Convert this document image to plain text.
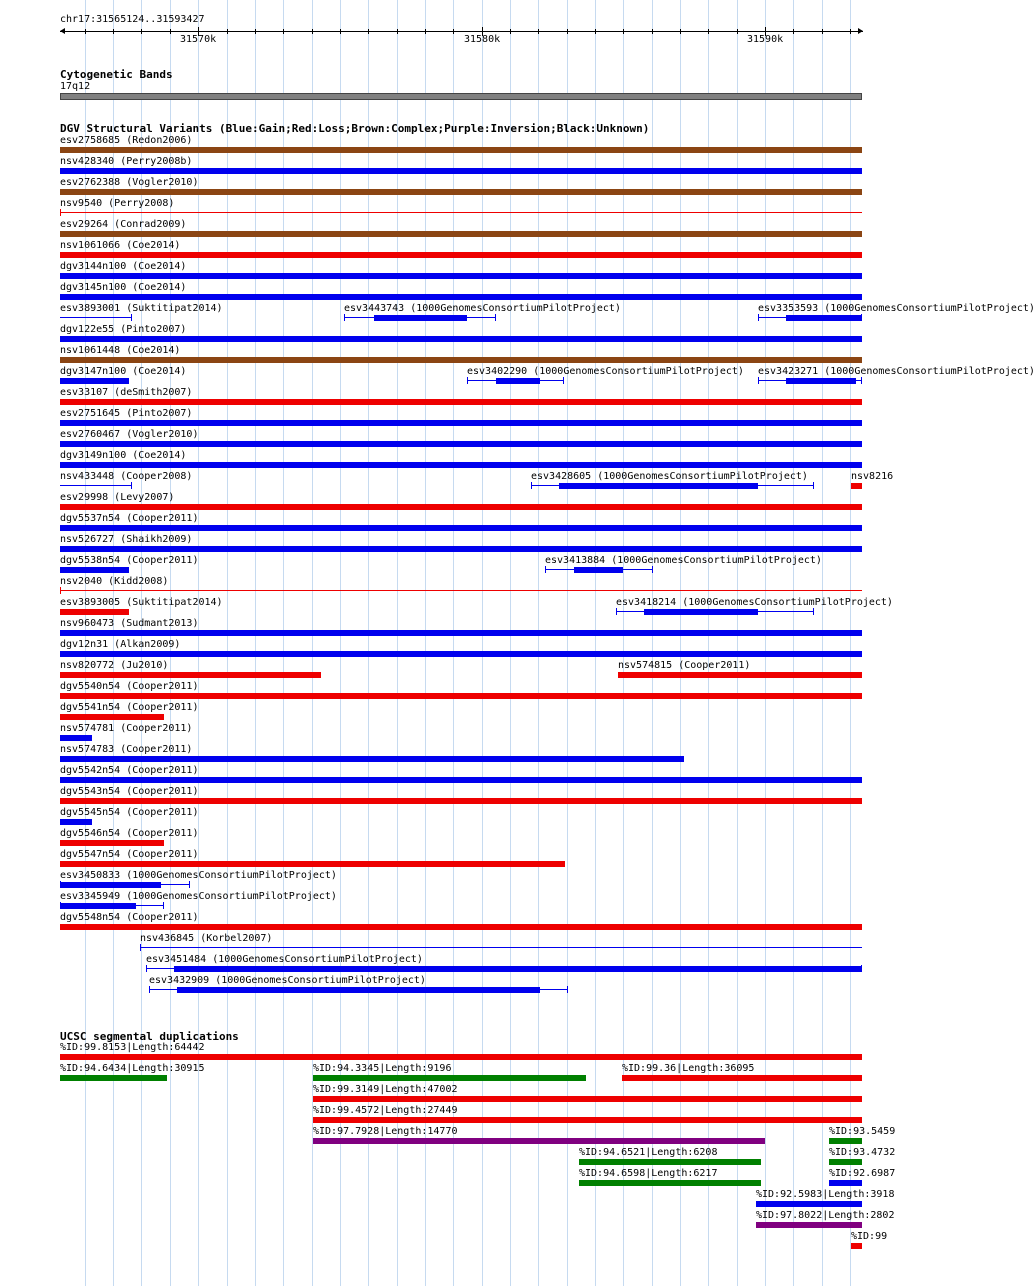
chr17:31565124..31593427
31570k	31580k	31590k
Cytogenetic Bands
17q12
DGV Structural Variants (Blue:Gain;Red:Loss;Brown:Complex;Purple:Inversion;Black:Unknown)
esv2758685 (Redon2006)
nsv428340 (Perry2008b)
esv2762388 (Vogler2010)
nsv9540 (Perry2008)
esv29264 (Conrad2009)
nsv1061066 (Coe2014)
dgv3144n100 (Coe2014)
dgv3145n100 (Coe2014)
esv3893001 (Suktitipat2014)	esv3443743 (1000GenomesConsortiumPilotProject)	esv3353593 (1000GenomesConsortiumPilotProject)
dgv122e55 (Pinto2007)
nsv1061448 (Coe2014)
dgv3147n100 (Coe2014)	esv3402290 (1000GenomesConsortiumPilotProject) esv3423271 (1000GenomesConsortiumPilotProject)
esv33107 (deSmith2007)
esv2751645 (Pinto2007)
esv2760467 (Vogler2010)
dgv3149n100 (Coe2014)
nsv433448 (Cooper2008)	esv3428605 (1000GenomesConsortiumPilotProject)	nsv8216
esv29998 (Levy2007)
dgv5537n54 (Cooper2011)
nsv526727 (Shaikh2009)
dgv5538n54 (Cooper2011)	esv3413884 (1000GenomesConsortiumPilotProject)
nsv2040 (Kidd2008)
esv3893005 (Suktitipat2014)	esv3418214 (1000GenomesConsortiumPilotProject)
nsv960473 (Sudmant2013)
dgv12n31 (Alkan2009)
nsv820772 (Ju2010)	nsv574815 (Cooper2011)
dgv5540n54 (Cooper2011)
dgv5541n54 (Cooper2011)
nsv574781 (Cooper2011)
nsv574783 (Cooper2011)
dgv5542n54 (Cooper2011)
dgv5543n54 (Cooper2011)
dgv5545n54 (Cooper2011)
dgv5546n54 (Cooper2011)
dgv5547n54 (Cooper2011)
esv3450833 (1000GenomesConsortiumPilotProject)
esv3345949 (1000GenomesConsortiumPilotProject)
dgv5548n54 (Cooper2011)
nsv436845 (Korbel2007)
esv3451484 (1000GenomesConsortiumPilotProject)
esv3432909 (1000GenomesConsortiumPilotProject)
UCSC segmental duplications
%ID:99.8153|Length:64442
%ID:94.6434|Length:30915	%ID:94.3345|Length:9196	%ID:99.36|Length:36095
%ID:99.3149|Length:47002
%ID:99.4572|Length:27449
%ID:97.7928|Length:14770	%ID:93.5459
%ID:94.6521|Length:6208	%ID:93.4732
%ID:94.6598|Length:6217	%ID:92.6987
%ID:92.5983|Length:3918
%ID:97.8022|Length:2802
%ID:99
